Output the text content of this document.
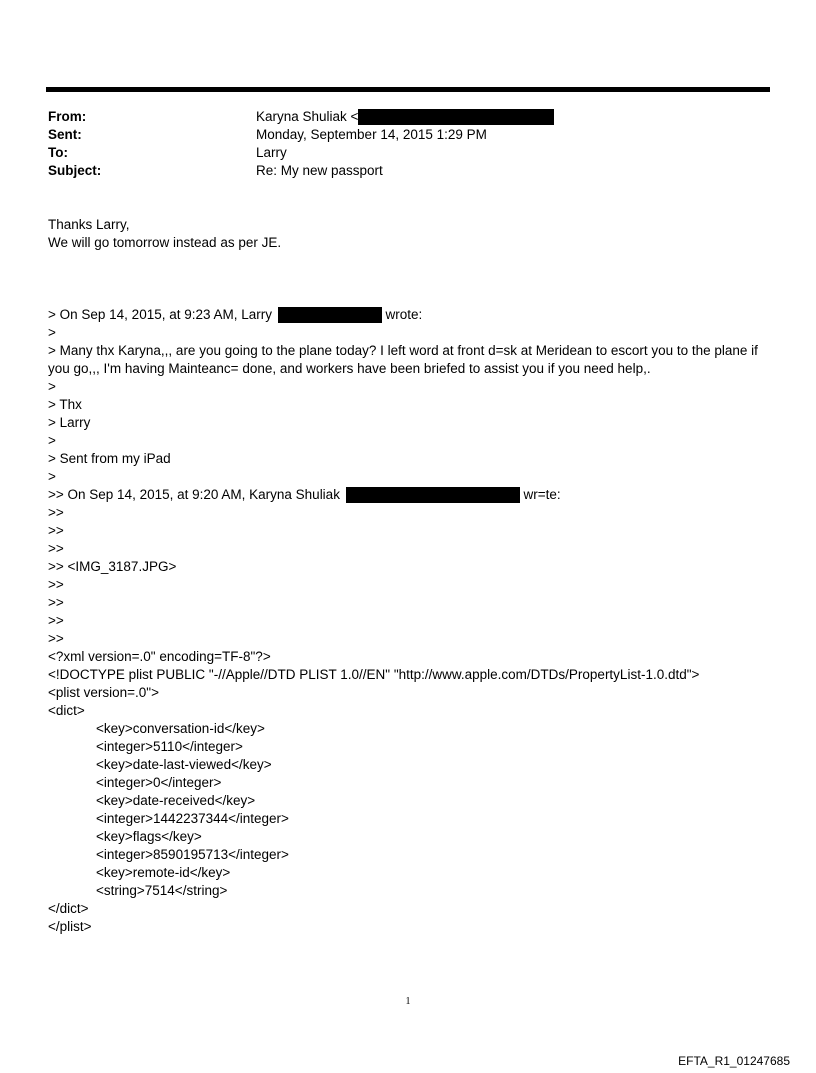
From:	Karyna Shuliak <
Sent:	Monday, September 14, 2015 1:29 PM
To:	Larry
Subject:	Re: My new passport
Thanks Larry,
We will go tomorrow instead as per JE.
> On Sep 14, 2015, at 9:23 AM, Larry	wrote:
>
> Many thx Karyna,,, are you going to the plane today? I left word at front d=sk at Meridean to escort you to the plane if you go,,, I'm having Mainteanc= done, and workers have been briefed to assist you if you need help,.
>
> Thx
> Larry
>
> Sent from my iPad
>
>> On Sep 14, 2015, at 9:20 AM, Karyna Shuliak	wr=te:
>>
>>
>>
>> <IMG_3187.JPG>
>>
>>
>>
>>
<?xml version=.0" encoding=TF-8"?>
<!DOCTYPE plist PUBLIC "-//Apple//DTD PLIST 1.0//EN" "http://www.apple.com/DTDs/PropertyList-1.0.dtd">
<plist version=.0">
<dict>
<key>conversation-id</key>
<integer>5110</integer>
<key>date-last-viewed</key>
<integer>0</integer>
<key>date-received</key>
<integer>1442237344</integer>
<key>flags</key>
<integer>8590195713</integer>
<key>remote-id</key>
<string>7514</string>
</dict>
</plist>
1
EFTA_R1_01247685
